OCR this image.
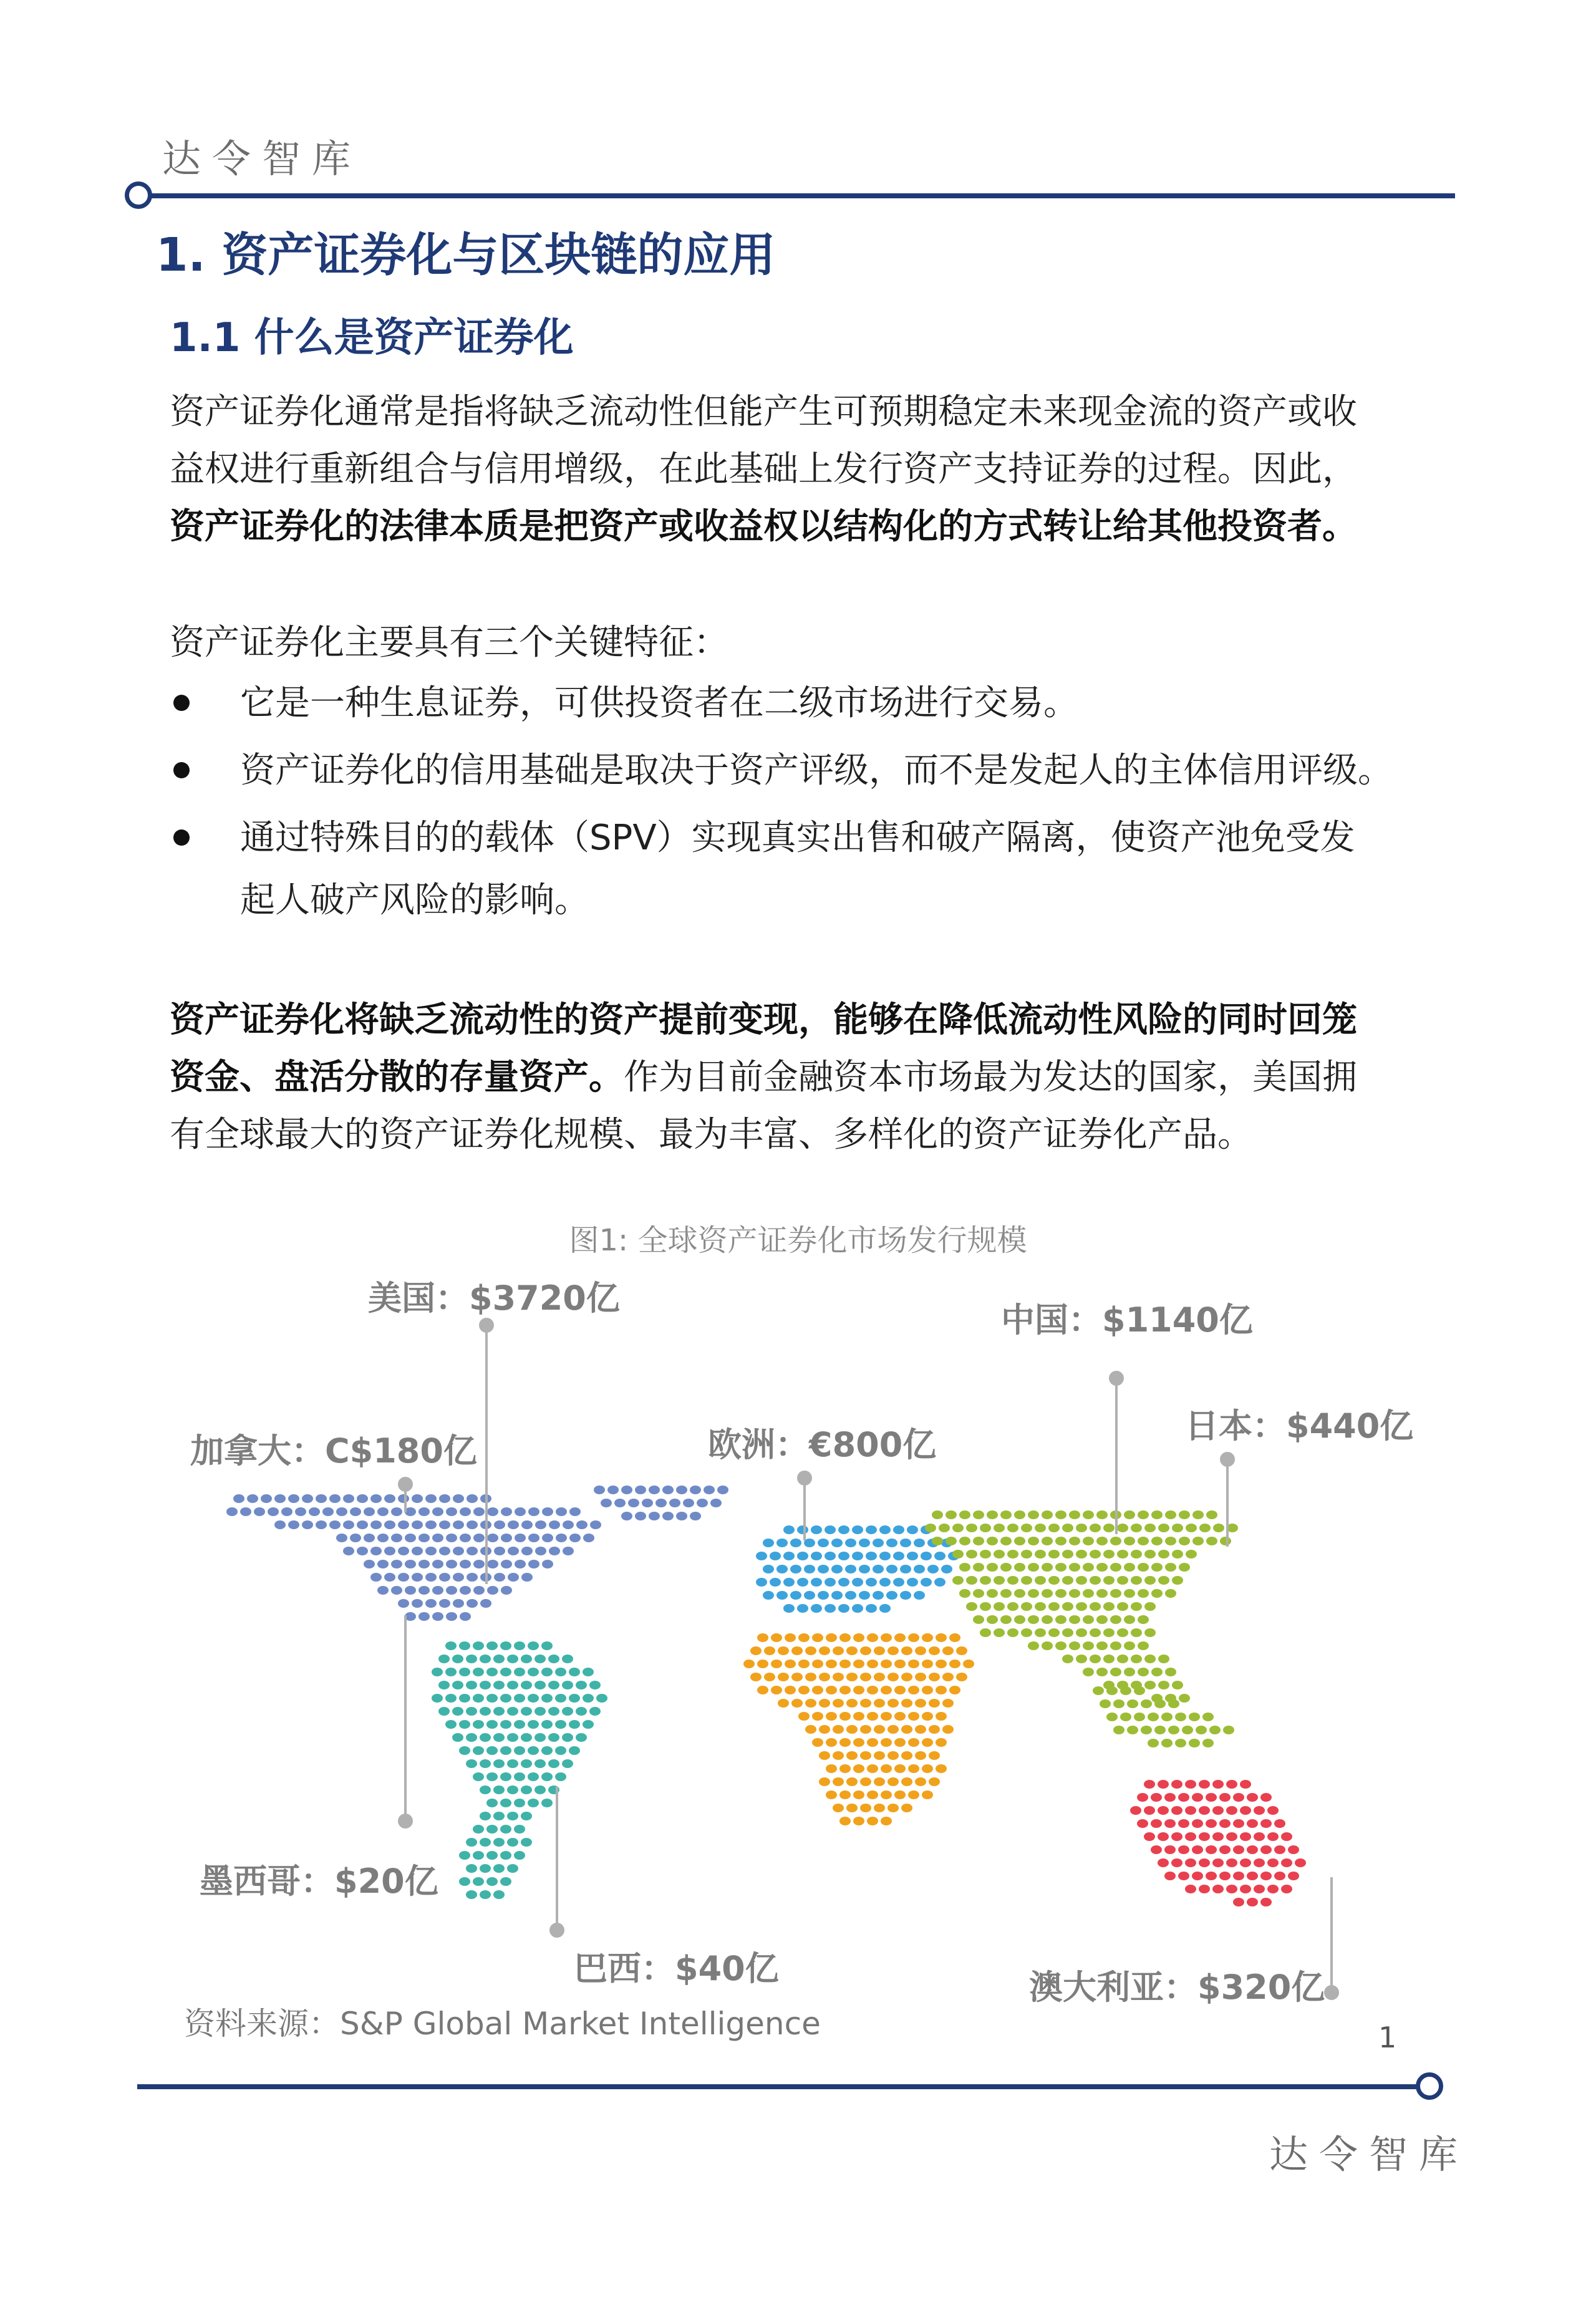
达令智库
1. 资产证券化与区块链的应用
1.1 什么是资产证券化
资产证券化通常是指将缺乏流动性但能产生可预期稳定未来现金流的资产或收
益权进行重新组合与信用增级，在此基础上发行资产支持证券的过程。因此，
资产证券化的法律本质是把资产或收益权以结构化的方式转让给其他投资者。
资产证券化主要具有三个关键特征：
它是一种生息证券，可供投资者在二级市场进行交易。
资产证券化的信用基础是取决于资产评级，而不是发起人的主体信用评级。
通过特殊目的的载体（SPV）实现真实出售和破产隔离，使资产池免受发
起人破产风险的影响。
资产证券化将缺乏流动性的资产提前变现，能够在降低流动性风险的同时回笼
资金、盘活分散的存量资产。作为目前金融资本市场最为发达的国家，美国拥
有全球最大的资产证券化规模、最为丰富、多样化的资产证券化产品。
图1: 全球资产证券化市场发行规模
美国：$3720亿
加拿大：C$180亿
墨西哥：$20亿
巴西：$40亿
欧洲：€800亿
中国：$1140亿
日本：$440亿
澳大利亚：$320亿
资料来源：S&P Global Market Intelligence	1
达令智库
